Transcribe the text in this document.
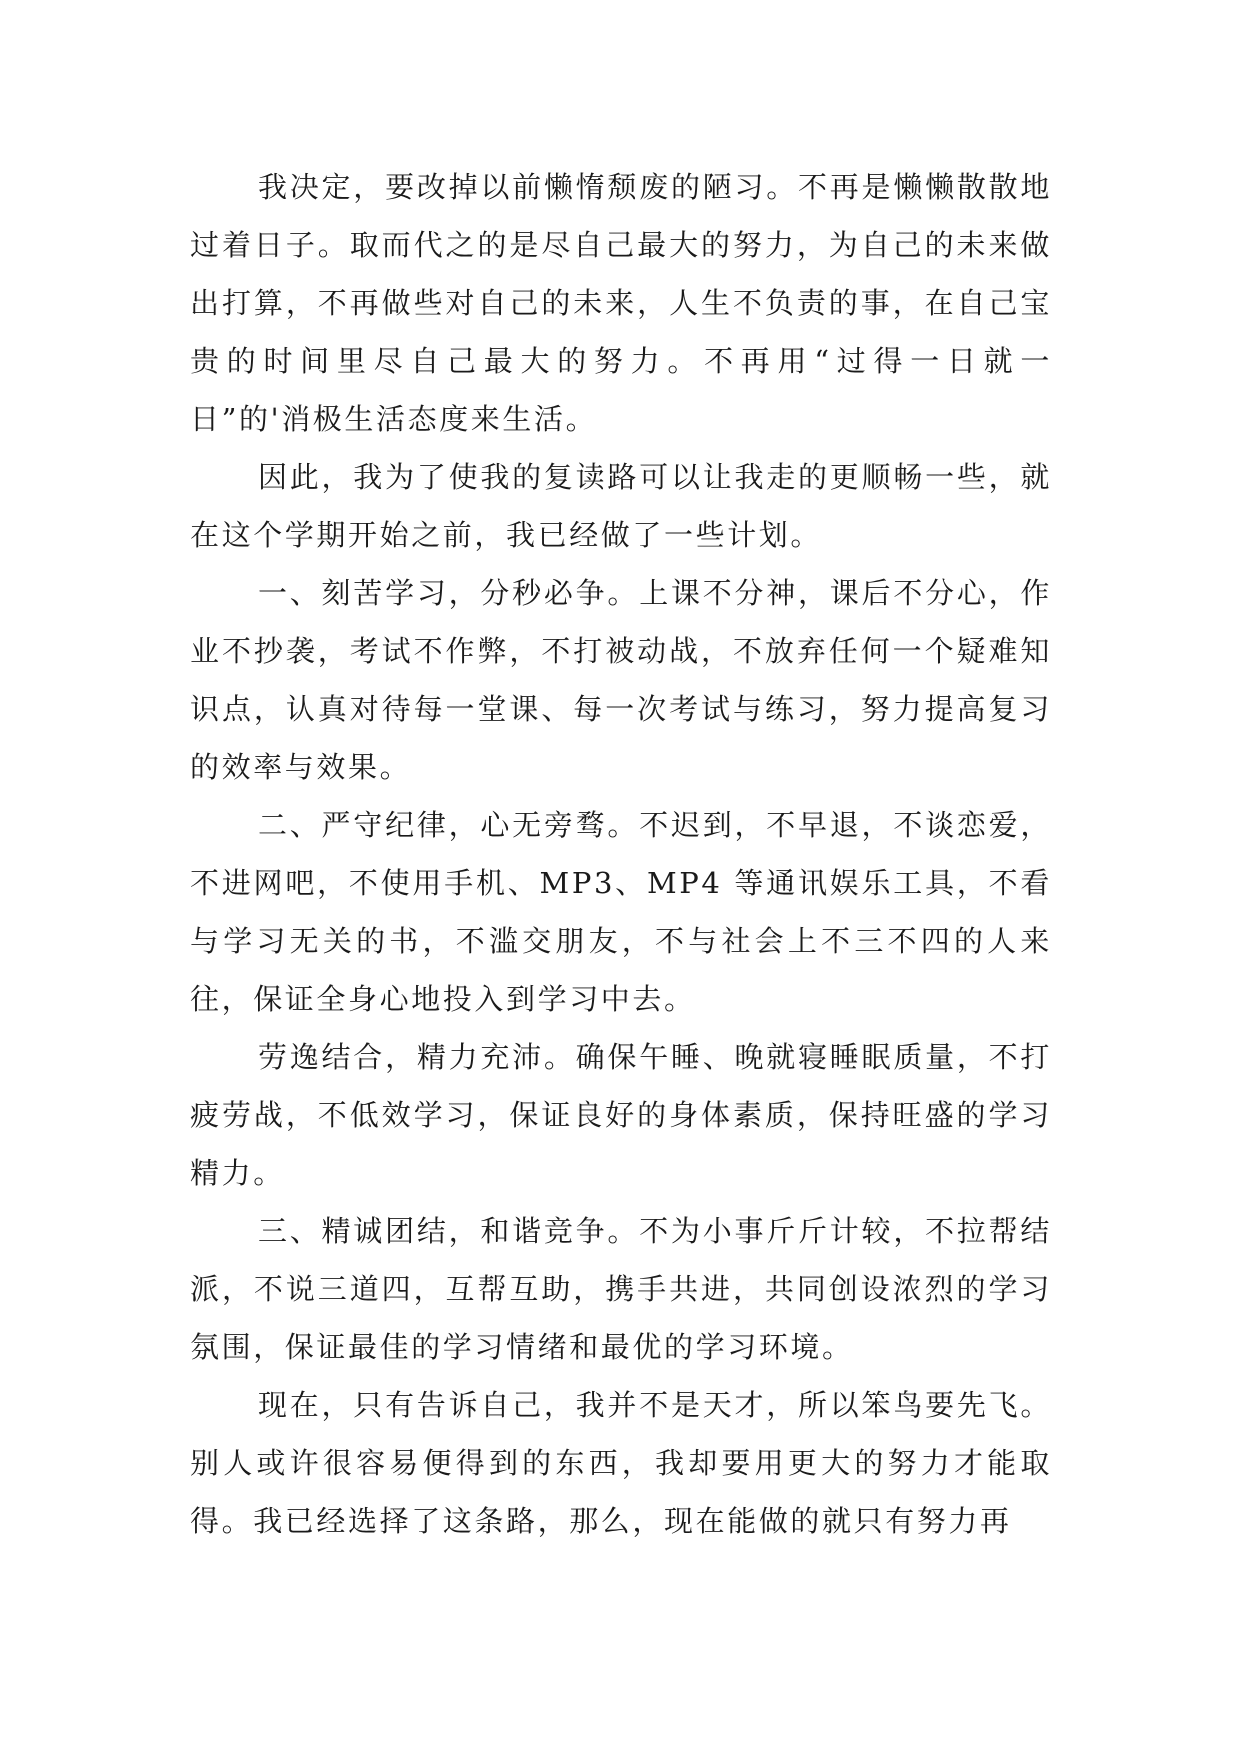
我决定，要改掉以前懒惰颓废的陋习。不再是懒懒散散地过着日子。取而代之的是尽自己最大的努力，为自己的未来做出打算，不再做些对自己的未来，人生不负责的事，在自己宝贵的时间里尽自己最大的努力。不再用“过得一日就一日”的'消极生活态度来生活。

因此，我为了使我的复读路可以让我走的更顺畅一些，就在这个学期开始之前，我已经做了一些计划。

一、刻苦学习，分秒必争。上课不分神，课后不分心，作业不抄袭，考试不作弊，不打被动战，不放弃任何一个疑难知识点，认真对待每一堂课、每一次考试与练习，努力提高复习的效率与效果。

二、严守纪律，心无旁骛。不迟到，不早退，不谈恋爱，不进网吧，不使用手机、MP3、MP4 等通讯娱乐工具，不看与学习无关的书，不滥交朋友，不与社会上不三不四的人来往，保证全身心地投入到学习中去。

劳逸结合，精力充沛。确保午睡、晚就寝睡眠质量，不打疲劳战，不低效学习，保证良好的身体素质，保持旺盛的学习精力。

三、精诚团结，和谐竞争。不为小事斤斤计较，不拉帮结派，不说三道四，互帮互助，携手共进，共同创设浓烈的学习氛围，保证最佳的学习情绪和最优的学习环境。

现在，只有告诉自己，我并不是天才，所以笨鸟要先飞。别人或许很容易便得到的东西，我却要用更大的努力才能取得。我已经选择了这条路，那么，现在能做的就只有努力再
